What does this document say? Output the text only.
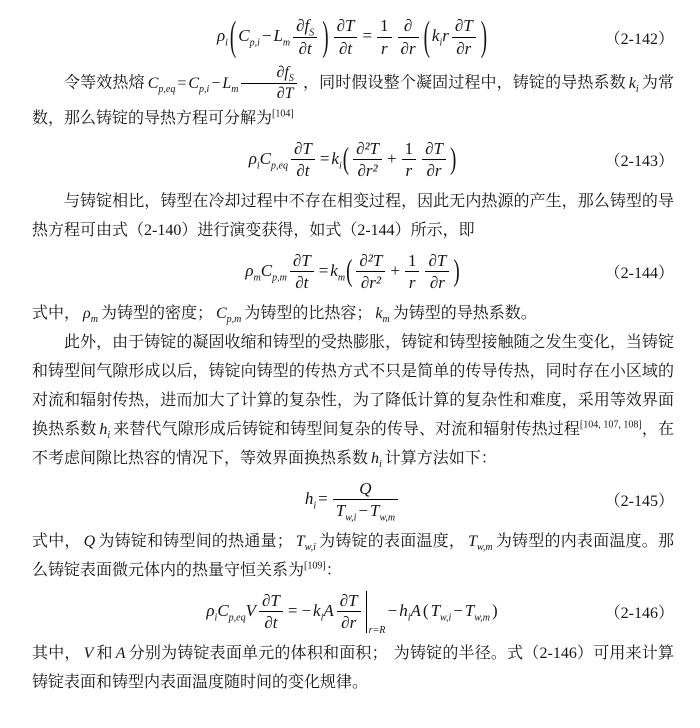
$\rho_i$ ( $C_{p,i} - L_m \frac{\partial f_S}{\partial t}$ ) $\frac{\partial T}{\partial t} = \frac{1}{r} \frac{\partial}{\partial r}$ ( $k_ir \frac{\partial T}{\partial r}$ )	（2-142）

令等效热熔 $C_{p,eq} = C_{p,i} - L_m \frac{\partial f_S}{\partial T}$ ，同时假设整个凝固过程中，铸锭的导热系数 $k_i$ 为常数，那么铸锭的导热方程可分解为[104]

$\rho_iC_{p,eq} \frac{\partial T}{\partial t} = k_i( \frac{\text{∂²T}}{\text{∂r²}} + \frac{1}{r} \frac{\partial T}{\partial r}$ )	（2-143）

与铸锭相比，铸型在冷却过程中不存在相变过程，因此无内热源的产生，那么铸型的导热方程可由式（2-140）进行演变获得，如式（2-144）所示，即

$\rho_mC_{p,m} \frac{\partial T}{\partial t} = k_m( \frac{\text{∂²T}}{\text{∂r²}} + \frac{1}{r} \frac{\partial T}{\partial r}$ )	（2-144）

式中， $\rho_m$ 为铸型的密度； $C_{p,m}$ 为铸型的比热容； $k_m$ 为铸型的导热系数。

此外，由于铸锭的凝固收缩和铸型的受热膨胀，铸锭和铸型接触随之发生变化，当铸锭和铸型间气隙形成以后，铸锭向铸型的传热方式不只是简单的传导传热，同时存在小区域的对流和辐射传热，进而加大了计算的复杂性，为了降低计算的复杂性和难度，采用等效界面换热系数 $h_i$ 来替代气隙形成后铸锭和铸型间复杂的传导、对流和辐射传热过程[104, 107, 108]，在不考虑间隙比热容的情况下，等效界面换热系数 $h_i$ 计算方法如下：

$h_i = \frac{Q}{T_{w,i} - T_{w,m}}$	（2-145）

式中， Q 为铸锭和铸型间的热通量； $T_{w,i}$ 为铸锭的表面温度， $T_{w,m}$ 为铸型的内表面温度。那么铸锭表面微元体内的热量守恒关系为[109]：

$\rho_iC_{p,eq}V \frac{\partial T}{\partial t}$ = − $k_iA \frac{\partial T}{\partial r} r=R$
− $h_iA$ ( $T_{w,i} - T_{w,m}$ )	（2-146）

其中， V 和 A 分别为铸锭表面单元的体积和面积； 为铸锭的半径。式（2-146）可用来计算铸锭表面和铸型内表面温度随时间的变化规律。
